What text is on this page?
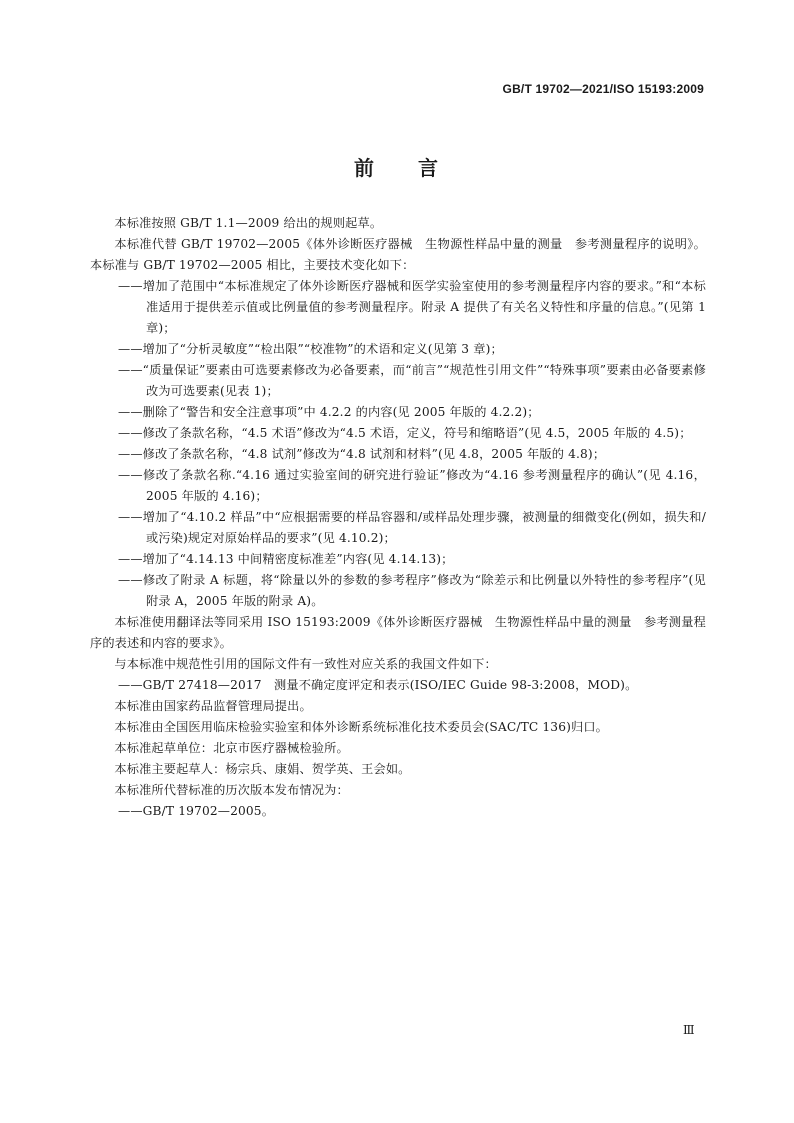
GB/T 19702—2021/ISO 15193:2009
前 言

本标准按照 GB/T 1.1—2009 给出的规则起草。

本标准代替 GB/T 19702—2005《体外诊断医疗器械　生物源性样品中量的测量　参考测量程序的说明》。本标准与 GB/T 19702—2005 相比，主要技术变化如下：

——增加了范围中“本标准规定了体外诊断医疗器械和医学实验室使用的参考测量程序内容的要求。”和“本标准适用于提供差示值或比例量值的参考测量程序。附录 A 提供了有关名义特性和序量的信息。”(见第 1 章)；

——增加了“分析灵敏度”“检出限”“校准物”的术语和定义(见第 3 章)；

——“质量保证”要素由可选要素修改为必备要素，而“前言”“规范性引用文件”“特殊事项”要素由必备要素修改为可选要素(见表 1)；

——删除了“警告和安全注意事项”中 4.2.2 的内容(见 2005 年版的 4.2.2)；

——修改了条款名称，“4.5 术语”修改为“4.5 术语，定义，符号和缩略语”(见 4.5，2005 年版的 4.5)；

——修改了条款名称，“4.8 试剂”修改为“4.8 试剂和材料”(见 4.8，2005 年版的 4.8)；

——修改了条款名称.“4.16 通过实验室间的研究进行验证”修改为“4.16 参考测量程序的确认”(见 4.16，2005 年版的 4.16)；

——增加了“4.10.2 样品”中“应根据需要的样品容器和/或样品处理步骤，被测量的细微变化(例如，损失和/或污染)规定对原始样品的要求”(见 4.10.2)；

——增加了“4.14.13 中间精密度标准差”内容(见 4.14.13)；

——修改了附录 A 标题，将“除量以外的参数的参考程序”修改为“除差示和比例量以外特性的参考程序”(见附录 A，2005 年版的附录 A)。

本标准使用翻译法等同采用 ISO 15193:2009《体外诊断医疗器械　生物源性样品中量的测量　参考测量程序的表述和内容的要求》。

与本标准中规范性引用的国际文件有一致性对应关系的我国文件如下：

——GB/T 27418—2017　测量不确定度评定和表示(ISO/IEC Guide 98-3:2008，MOD)。

本标准由国家药品监督管理局提出。

本标准由全国医用临床检验实验室和体外诊断系统标准化技术委员会(SAC/TC 136)归口。

本标准起草单位：北京市医疗器械检验所。

本标准主要起草人：杨宗兵、康娟、贺学英、王会如。

本标准所代替标准的历次版本发布情况为：

——GB/T 19702—2005。

Ⅲ
